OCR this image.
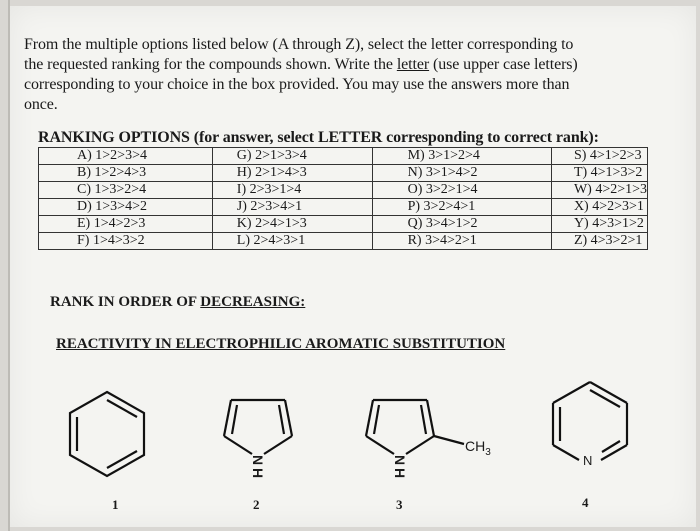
From the multiple options listed below (A through Z), select the letter corresponding to
the requested ranking for the compounds shown. Write the letter (use upper case letters)
corresponding to your choice in the box provided. You may use the answers more than
once.
RANKING OPTIONS (for answer, select LETTER corresponding to correct rank):
A) 1>2>3>4	G) 2>1>3>4	M) 3>1>2>4	S) 4>1>2>3
B) 1>2>4>3	H) 2>1>4>3	N) 3>1>4>2	T) 4>1>3>2
C) 1>3>2>4	I) 2>3>1>4	O) 3>2>1>4	W) 4>2>1>3
D) 1>3>4>2	J) 2>3>4>1	P) 3>2>4>1	X) 4>2>3>1
E) 1>4>2>3	K) 2>4>1>3	Q) 3>4>1>2	Y) 4>3>1>2
F) 1>4>3>2	L) 2>4>3>1	R) 3>4>2>1	Z) 4>3>2>1
RANK IN ORDER OF DECREASING:
REACTIVITY IN ELECTROPHILIC AROMATIC SUBSTITUTION
1
N
H
2
N
H
$CH_3$
3
N
4
